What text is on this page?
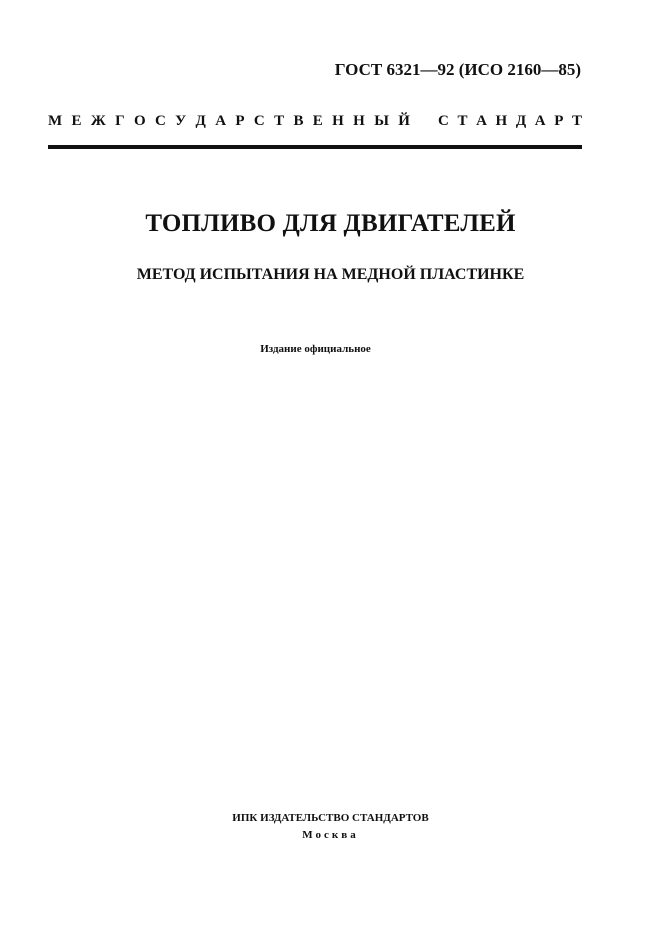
ГОСТ 6321—92 (ИСО 2160—85)
М Е Ж Г О С У Д А Р С Т В Е Н Н Ы Й С Т А Н Д А Р Т
ТОПЛИВО ДЛЯ ДВИГАТЕЛЕЙ
МЕТОД ИСПЫТАНИЯ НА МЕДНОЙ ПЛАСТИНКЕ
Издание официальное
ИПК ИЗДАТЕЛЬСТВО СТАНДАРТОВ
Москва
